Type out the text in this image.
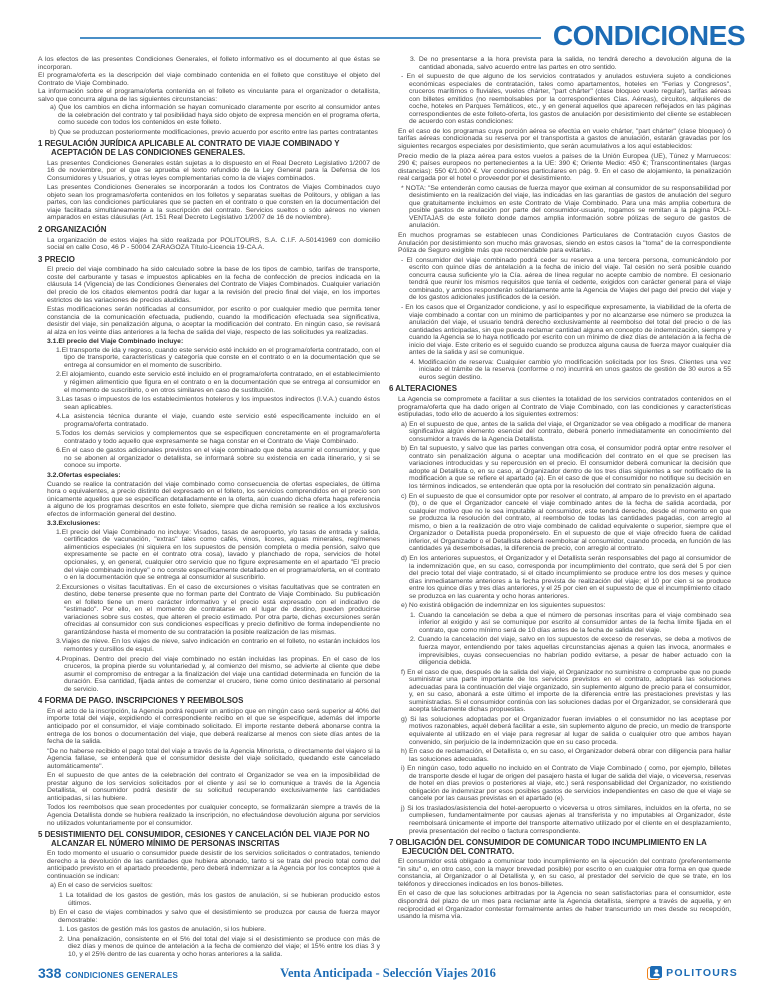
CONDICIONES
A los efectos de las presentes Condiciones Generales, el folleto informativo es el documento al que éstas se incorporan.
El programa/oferta es la descripción del viaje combinado contenida en el folleto que constituye el objeto del Contrato de Viaje Combinado.
La información sobre el programa/oferta contenida en el folleto es vinculante para el organizador o detallista, salvo que concurra alguna de las siguientes circunstancias:
a) Que los cambios en dicha información se hayan comunicado claramente por escrito al consumidor antes de la celebración del contrato y tal posibilidad haya sido objeto de expresa mención en el programa oferta, como sucede con todos los contenidos en este folleto.
b) Que se produzcan posteriormente modificaciones, previo acuerdo por escrito entre las partes contratantes
1 REGULACIÓN JURÍDICA APLICABLE AL CONTRATO DE VIAJE COMBINADO Y ACEPTACIÓN DE LAS CONDICIONES GENERALES.
Las presentes Condiciones Generales están sujetas a lo dispuesto en el Real Decreto Legislativo 1/2007 de 16 de noviembre, por el que se aprueba el texto refundido de la Ley General para la Defensa de los Consumidores y Usuarios, y otras leyes complementarias como la de viajes combinados.
Las presentes Condiciones Generales se incorporarán a todos los Contratos de Viajes Combinados cuyo objeto sean los programas/oferta contenidos en los folletos y separatas sueltas de Politours, y obligan a las partes, con las condiciones particulares que se pacten en el contrato o que consten en la documentación del viaje facilitada simultáneamente a la suscripción del contrato. Servicios sueltos o sólo aéreos no vienen amparados en estas cláusulas (Art. 151 Real Decreto Legislativo 1/2007 de 16 de noviembre).
2 ORGANIZACIÓN
La organización de estos viajes ha sido realizada por POLITOURS, S.A. C.I.F. A-50141969 con domicilio social en calle Coso, 46 P - 50004 ZARAGOZA Título-Licencia 19-CA.A.
3 PRECIO
El precio del viaje combinado ha sido calculado sobre la base de los tipos de cambio, tarifas de transporte, coste del carburante y tasas e impuestos aplicables en la fecha de confección de precios indicada en la cláusula 14 (Vigencia) de las Condiciones Generales del Contrato de Viajes Combinados. Cualquier variación del precio de los citados elementos podrá dar lugar a la revisión del precio final del viaje, en los importes estrictos de las variaciones de precios aludidas.
Estas modificaciones serán notificadas al consumidor, por escrito o por cualquier medio que permita tener constancia de la comunicación efectuada, pudiendo, cuando la modificación efectuada sea significativa, desistir del viaje, sin penalización alguna, o aceptar la modificación del contrato. En ningún caso, se revisará al alza en los veinte días anteriores a la fecha de salida del viaje, respecto de las solicitudes ya realizadas.
3.1.El precio del Viaje Combinado incluye:
1.El transporte de ida y regreso, cuando este servicio esté incluido en el programa/oferta contratado, con el tipo de transporte, características y categoría que conste en el contrato o en la documentación que se entrega al consumidor en el momento de suscribirlo.
2.El alojamiento, cuando este servicio esté incluido en el programa/oferta contratado, en el establecimiento y régimen alimenticio que figura en el contrato o en la documentación que se entrega al consumidor en el momento de suscribirlo, o en otros similares en caso de sustitución.
3.Las tasas o impuestos de los establecimientos hoteleros y los impuestos indirectos (I.V.A.) cuando éstos sean aplicables.
4.La asistencia técnica durante el viaje, cuando este servicio esté específicamente incluido en el programa/oferta contratado.
5.Todos los demás servicios y complementos que se especifiquen concretamente en el programa/oferta contratado y todo aquello que expresamente se haga constar en el Contrato de Viaje Combinado.
6.En el caso de gastos adicionales previstos en el viaje combinado que deba asumir el consumidor, y que no se abonen al organizador o detallista, se informará sobre su existencia en cada itinerario, y si se conoce su importe.
3.2.Ofertas especiales:
Cuando se realice la contratación del viaje combinado como consecuencia de ofertas especiales, de última hora o equivalentes, a precio distinto del expresado en el folleto, los servicios comprendidos en el precio son únicamente aquellos que se especifican detalladamente en la oferta, aún cuando dicha oferta haga referencia a alguno de los programas descritos en este folleto, siempre que dicha remisión se realice a los exclusivos efectos de información general del destino.
3.3.Exclusiones:
1.El precio del Viaje Combinado no incluye: Visados, tasas de aeropuerto, y/o tasas de entrada y salida, certificados de vacunación, "extras" tales como cafés, vinos, licores, aguas minerales, regímenes alimenticios especiales (ni siquiera en los supuestos de pensión completa o media pensión, salvo que expresamente se pacte en el contrato otra cosa), lavado y planchado de ropa, servicios de hotel opcionales, y, en general, cualquier otro servicio que no figure expresamente en el apartado "El precio del viaje combinado incluye" o no conste específicamente detallado en el programa/oferta, en el contrato o en la documentación que se entrega al consumidor al suscribirlo.
2.Excursiones o visitas facultativas. En el caso de excursiones o visitas facultativas que se contraten en destino, debe tenerse presente que no forman parte del Contrato de Viaje Combinado. Su publicación en el folleto tiene un mero carácter informativo y el precio está expresado con el indicativo de "estimado". Por ello, en el momento de contratarse en el lugar de destino, pueden producirse variaciones sobre sus costes, que alteren el precio estimado. Por otra parte, dichas excursiones serán ofrecidas al consumidor con sus condiciones específicas y precio definitivo de forma independiente no garantizándose hasta el momento de su contratación la posible realización de las mismas.
3.Viajes de nieve. En los viajes de nieve, salvo indicación en contrario en el folleto, no estarán incluidos los remontes y cursillos de esquí.
4.Propinas. Dentro del precio del viaje combinado no están incluidas las propinas. En el caso de los cruceros, la propina pierde su voluntariedad y, al comienzo del mismo, se advierte al cliente que debe asumir el compromiso de entregar a la finalización del viaje una cantidad determinada en función de la duración. Esa cantidad, fijada antes de comenzar el crucero, tiene como único destinatario al personal de servicio.
4 FORMA DE PAGO. INSCRIPCIONES Y REEMBOLSOS
En el acto de la inscripción, la Agencia podrá requerir un anticipo que en ningún caso será superior al 40% del importe total del viaje, expidiendo el correspondiente recibo en el que se especifique, además del importe anticipado por el consumidor, el viaje combinado solicitado. El importe restante deberá abonarse contra la entrega de los bonos o documentación del viaje, que deberá realizarse al menos con siete días antes de la fecha de la salida.
"De no haberse recibido el pago total del viaje a través de la Agencia Minorista, o directamente del viajero si la Agencia fallase, se entenderá que el consumidor desiste del viaje solicitado, quedando este cancelado automáticamente".
En el supuesto de que antes de la celebración del contrato el Organizador se vea en la imposibilidad de prestar alguno de los servicios solicitados por el cliente y así se lo comunique a través de la Agencia Detallista, el consumidor podrá desistir de su solicitud recuperando exclusivamente las cantidades anticipadas, si las hubiere.
Todos los reembolsos que sean procedentes por cualquier concepto, se formalizarán siempre a través de la Agencia Detallista donde se hubiera realizado la inscripción, no efectuándose devolución alguna por servicios no utilizados voluntariamente por el consumidor.
5 DESISTIMIENTO DEL CONSUMIDOR, CESIONES Y CANCELACIÓN DEL VIAJE POR NO ALCANZAR EL NÚMERO MÍNIMO DE PERSONAS INSCRITAS
En todo momento el usuario o consumidor puede desistir de los servicios solicitados o contratados, teniendo derecho a la devolución de las cantidades que hubiera abonado, tanto si se trata del precio total como del anticipado previsto en el apartado precedente, pero deberá indemnizar a la Agencia por los conceptos que a continuación se indican:
a) En el caso de servicios sueltos:
1 La totalidad de los gastos de gestión, más los gastos de anulación, si se hubieran producido estos últimos.
b) En el caso de viajes combinados y salvo que el desistimiento se produzca por causa de fuerza mayor demostrable:
1. Los gastos de gestión más los gastos de anulación, si los hubiere.
2. Una penalización, consistente en el 5% del total del viaje si el desistimiento se produce con más de diez días y menos de quince de antelación a la fecha de comienzo del viaje; el 15% entre los días 3 y 10, y el 25% dentro de las cuarenta y ocho horas anteriores a la salida.
3. De no presentarse a la hora prevista para la salida, no tendrá derecho a devolución alguna de la cantidad abonada, salvo acuerdo entre las partes en otro sentido.
- En el supuesto de que alguno de los servicios contratados y anulados estuviera sujeto a condiciones económicas especiales de contratación, tales como apartamentos, hoteles en "Ferias y Congresos", cruceros marítimos o fluviales, vuelos chárter, "part chárter" (clase bloqueo vuelo regular), tarifas aéreas con billetes emitidos (no reembolsables por la correspondientes Cías. Aéreas), circuitos, alquileres de coche, hoteles en Parques Temáticos, etc., y en general aquellos que aparecen reflejados en las páginas correspondientes de este folleto-oferta, los gastos de anulación por desistimiento del cliente se establecen de acuerdo con estas condiciones:
En el caso de los programas cuya porción aérea se efectúa en vuelo chárter, "part chárter" (clase bloqueo) ó tarifas aéreas condicionada su reserva por el transportista a gastos de anulación, estarán gravadas por los siguientes recargos especiales por desistimiento, que serán acumulativos a los aquí establecidos:
Precio medio de la plaza aérea para estos vuelos a países de la Unión Europea (UE), Túnez y Marruecos: 290 €; países europeos no pertenecientes a la UE: 390 €; Oriente Medio: 450 €; Transcontinentales (largas distancias): 550 €/1.000 €. Ver condiciones particulares en pág. 9. En el caso de alojamiento, la penalización real cargada por el hotel o proveedor por el desistimiento.
* NOTA: "Se entenderán como causas de fuerza mayor que eximan al consumidor de su responsabilidad por desistimiento en la realización del viaje, las indicadas en las garantías de gastos de anulación del seguro que gratuitamente incluimos en este Contrato de Viaje Combinado. Para una más amplia cobertura de posible gastos de anulación por parte del consumidor-usuario, rogamos se remitan a la página POLI-VENTAJAS de este folleto donde damos amplia información sobre pólizas de seguro de gastos de anulación.
En muchos programas se establecen unas Condiciones Particulares de Contratación cuyos Gastos de Anulación por desistimiento son mucho más gravosas, siendo en estos casos la "toma" de la correspondiente Póliza de Seguro exigible más que recomendable para evitarlas.
- El consumidor del viaje combinado podrá ceder su reserva a una tercera persona, comunicándolo por escrito con quince días de antelación a la fecha de inicio del viaje. Tal cesión no será posible cuando concurra causa suficiente y/o la Cía. aérea de línea regular no acepte cambio de nombre. El cesionario tendrá que reunir los mismos requisitos que tenía el cedente, exigidos con carácter general para el viaje combinado, y ambos responderán solidariamente ante la Agencia de Viajes del pago del precio del viaje y de los gastos adicionales justificados de la cesión.
- En los casos que el Organizador condicione, y así lo especifique expresamente, la viabilidad de la oferta de viaje combinado a contar con un mínimo de participantes y por no alcanzarse ese número se produzca la anulación del viaje, el usuario tendrá derecho exclusivamente al reembolso del total del precio o de las cantidades anticipadas, sin que pueda reclamar cantidad alguna en concepto de indemnización, siempre y cuando la Agencia se lo haya notificado por escrito con un mínimo de diez días de antelación a la fecha de inicio del viaje. Este criterio es el seguido cuando se produzca alguna causa de fuerza mayor cualquier día antes de la salida y así se comunique.
4. Modificación de reserva: Cualquier cambio y/o modificación solicitada por los Sres. Clientes una vez iniciado el trámite de la reserva (conforme o no) incurrirá en unos gastos de gestión de 30 euros a 55 euros según destino.
6 ALTERACIONES
La Agencia se compromete a facilitar a sus clientes la totalidad de los servicios contratados contenidos en el programa/oferta que ha dado origen al Contrato de Viaje Combinado, con las condiciones y características estipuladas, todo ello de acuerdo a los siguientes extremos:
a) En el supuesto de que, antes de la salida del viaje, el Organizador se vea obligado a modificar de manera significativa algún elemento esencial del contrato, deberá ponerlo inmediatamente en conocimiento del consumidor a través de la Agencia Detallista.
b) En tal supuesto, y salvo que las partes convengan otra cosa, el consumidor podrá optar entre resolver el contrato sin penalización alguna o aceptar una modificación del contrato en el que se precisen las variaciones introducidas y su repercusión en el precio. El consumidor deberá comunicar la decisión que adopte al Detallista o, en su caso, al Organizador dentro de los tres días siguientes a ser notificado de la modificación a que se refiere el apartado (a). En el caso de que el consumidor no notifique su decisión en los términos indicados, se entenderán que opta por la resolución del contrato sin penalización alguna.
c) En el supuesto de que el consumidor opte por resolver el contrato, al amparo de lo previsto en el apartado (b), o de que el Organizador cancele el viaje combinado antes de la fecha de salida acordada, por cualquier motivo que no le sea imputable al consumidor, este tendrá derecho, desde el momento en que se produzca la resolución del contrato, al reembolso de todas las cantidades pagadas, con arreglo al mismo, o bien a la realización de otro viaje combinado de calidad equivalente o superior, siempre que el Organizador o Detallista pueda proponérselo. En el supuesto de que el viaje ofrecido fuera de calidad inferior, el Organizador o el Detallista deberá reembolsar al consumidor, cuando proceda, en función de las cantidades ya desembolsadas, la diferencia de precio, con arreglo al contrato.
d) En los anteriores supuestos, el Organizador y el Detallista serán responsables del pago al consumidor de la indemnización que, en su caso, corresponda por incumplimiento del contrato, que será del 5 por cien del precio total del viaje contratado, si el citado incumplimiento se produce entre los dos meses y quince días inmediatamente anteriores a la fecha prevista de realización del viaje; el 10 por cien si se produce entre los quince días y tres días anteriores, y el 25 por cien en el supuesto de que el incumplimiento citado se produzca en las cuarenta y ocho horas anteriores.
e) No existirá obligación de indemnizar en los siguientes supuestos:
1. Cuando la cancelación se deba a que el número de personas inscritas para el viaje combinado sea inferior al exigido y así se comunique por escrito al consumidor antes de la fecha límite fijada en el contrato, que como mínimo será de 10 días antes de la fecha de salida del viaje.
2. Cuando la cancelación del viaje, salvo en los supuestos de exceso de reservas, se deba a motivos de fuerza mayor, entendiendo por tales aquellas circunstancias ajenas a quien las invoca, anormales e imprevisibles, cuyas consecuencias no habrían podido evitarse, a pesar de haber actuado con la diligencia debida.
f) En el caso de que, después de la salida del viaje, el Organizador no suministre o compruebe que no puede suministrar una parte importante de los servicios previstos en el contrato, adoptará las soluciones adecuadas para la continuación del viaje organizado, sin suplemento alguno de precio para el consumidor, y, en su caso, abonará a este último el importe de la diferencia entre las prestaciones previstas y las suministradas. Si el consumidor continúa con las soluciones dadas por el Organizador, se considerará que acepta tácitamente dichas propuestas.
g) Si las soluciones adoptadas por el Organizador fueran inviables o el consumidor no las aceptase por motivos razonables, aquél deberá facilitar a este, sin suplemento alguno de precio, un medio de transporte equivalente al utilizado en el viaje para regresar al lugar de salida o cualquier otro que ambos hayan convenido, sin perjuicio de la indemnización que en su caso proceda.
h) En caso de reclamación, el Detallista o, en su caso, el Organizador deberá obrar con diligencia para hallar las soluciones adecuadas.
i) En ningún caso, todo aquello no incluido en el Contrato de Viaje Combinado ( como, por ejemplo, billetes de transporte desde el lugar de origen del pasajero hasta el lugar de salida del viaje, o viceversa, reservas de hotel en días previos o posteriores al viaje, etc.) será responsabilidad del Organizador, no existiendo obligación de indemnizar por esos posibles gastos de servicios independientes en caso de que el viaje se cancele por las causas previstas en el apartado (e).
j) Si los traslados/asistencia del hotel-aeropuerto o viceversa u otros similares, incluidos en la oferta, no se cumpliesen, fundamentalmente por causas ajenas al transferista y no imputables al Organizador, éste reembolsará únicamente el importe del transporte alternativo utilizado por el cliente en el desplazamiento, previa presentación del recibo o factura correspondiente.
7 OBLIGACIÓN DEL CONSUMIDOR DE COMUNICAR TODO INCUMPLIMIENTO EN LA EJECUCIÓN DEL CONTRATO.
El consumidor está obligado a comunicar todo incumplimiento en la ejecución del contrato (preferentemente "in situ" o, en otro caso, con la mayor brevedad posible) por escrito o en cualquier otra forma en que quede constancia, al Organizador o al Detallista y, en su caso, al prestador del servicio de que se trate, en los teléfonos y direcciones indicados en los bonos-billetes.
En el caso de que las soluciones arbitradas por la Agencia no sean satisfactorias para el consumidor, este dispondrá del plazo de un mes para reclamar ante la Agencia detallista, siempre a través de aquella, y en reciprocidad el Organizador contestar formalmente antes de haber transcurrido un mes desde su recepción, usando la misma vía.
338 CONDICIONES GENERALES	Venta Anticipada - Selección Viajes 2016	POLITOURS
